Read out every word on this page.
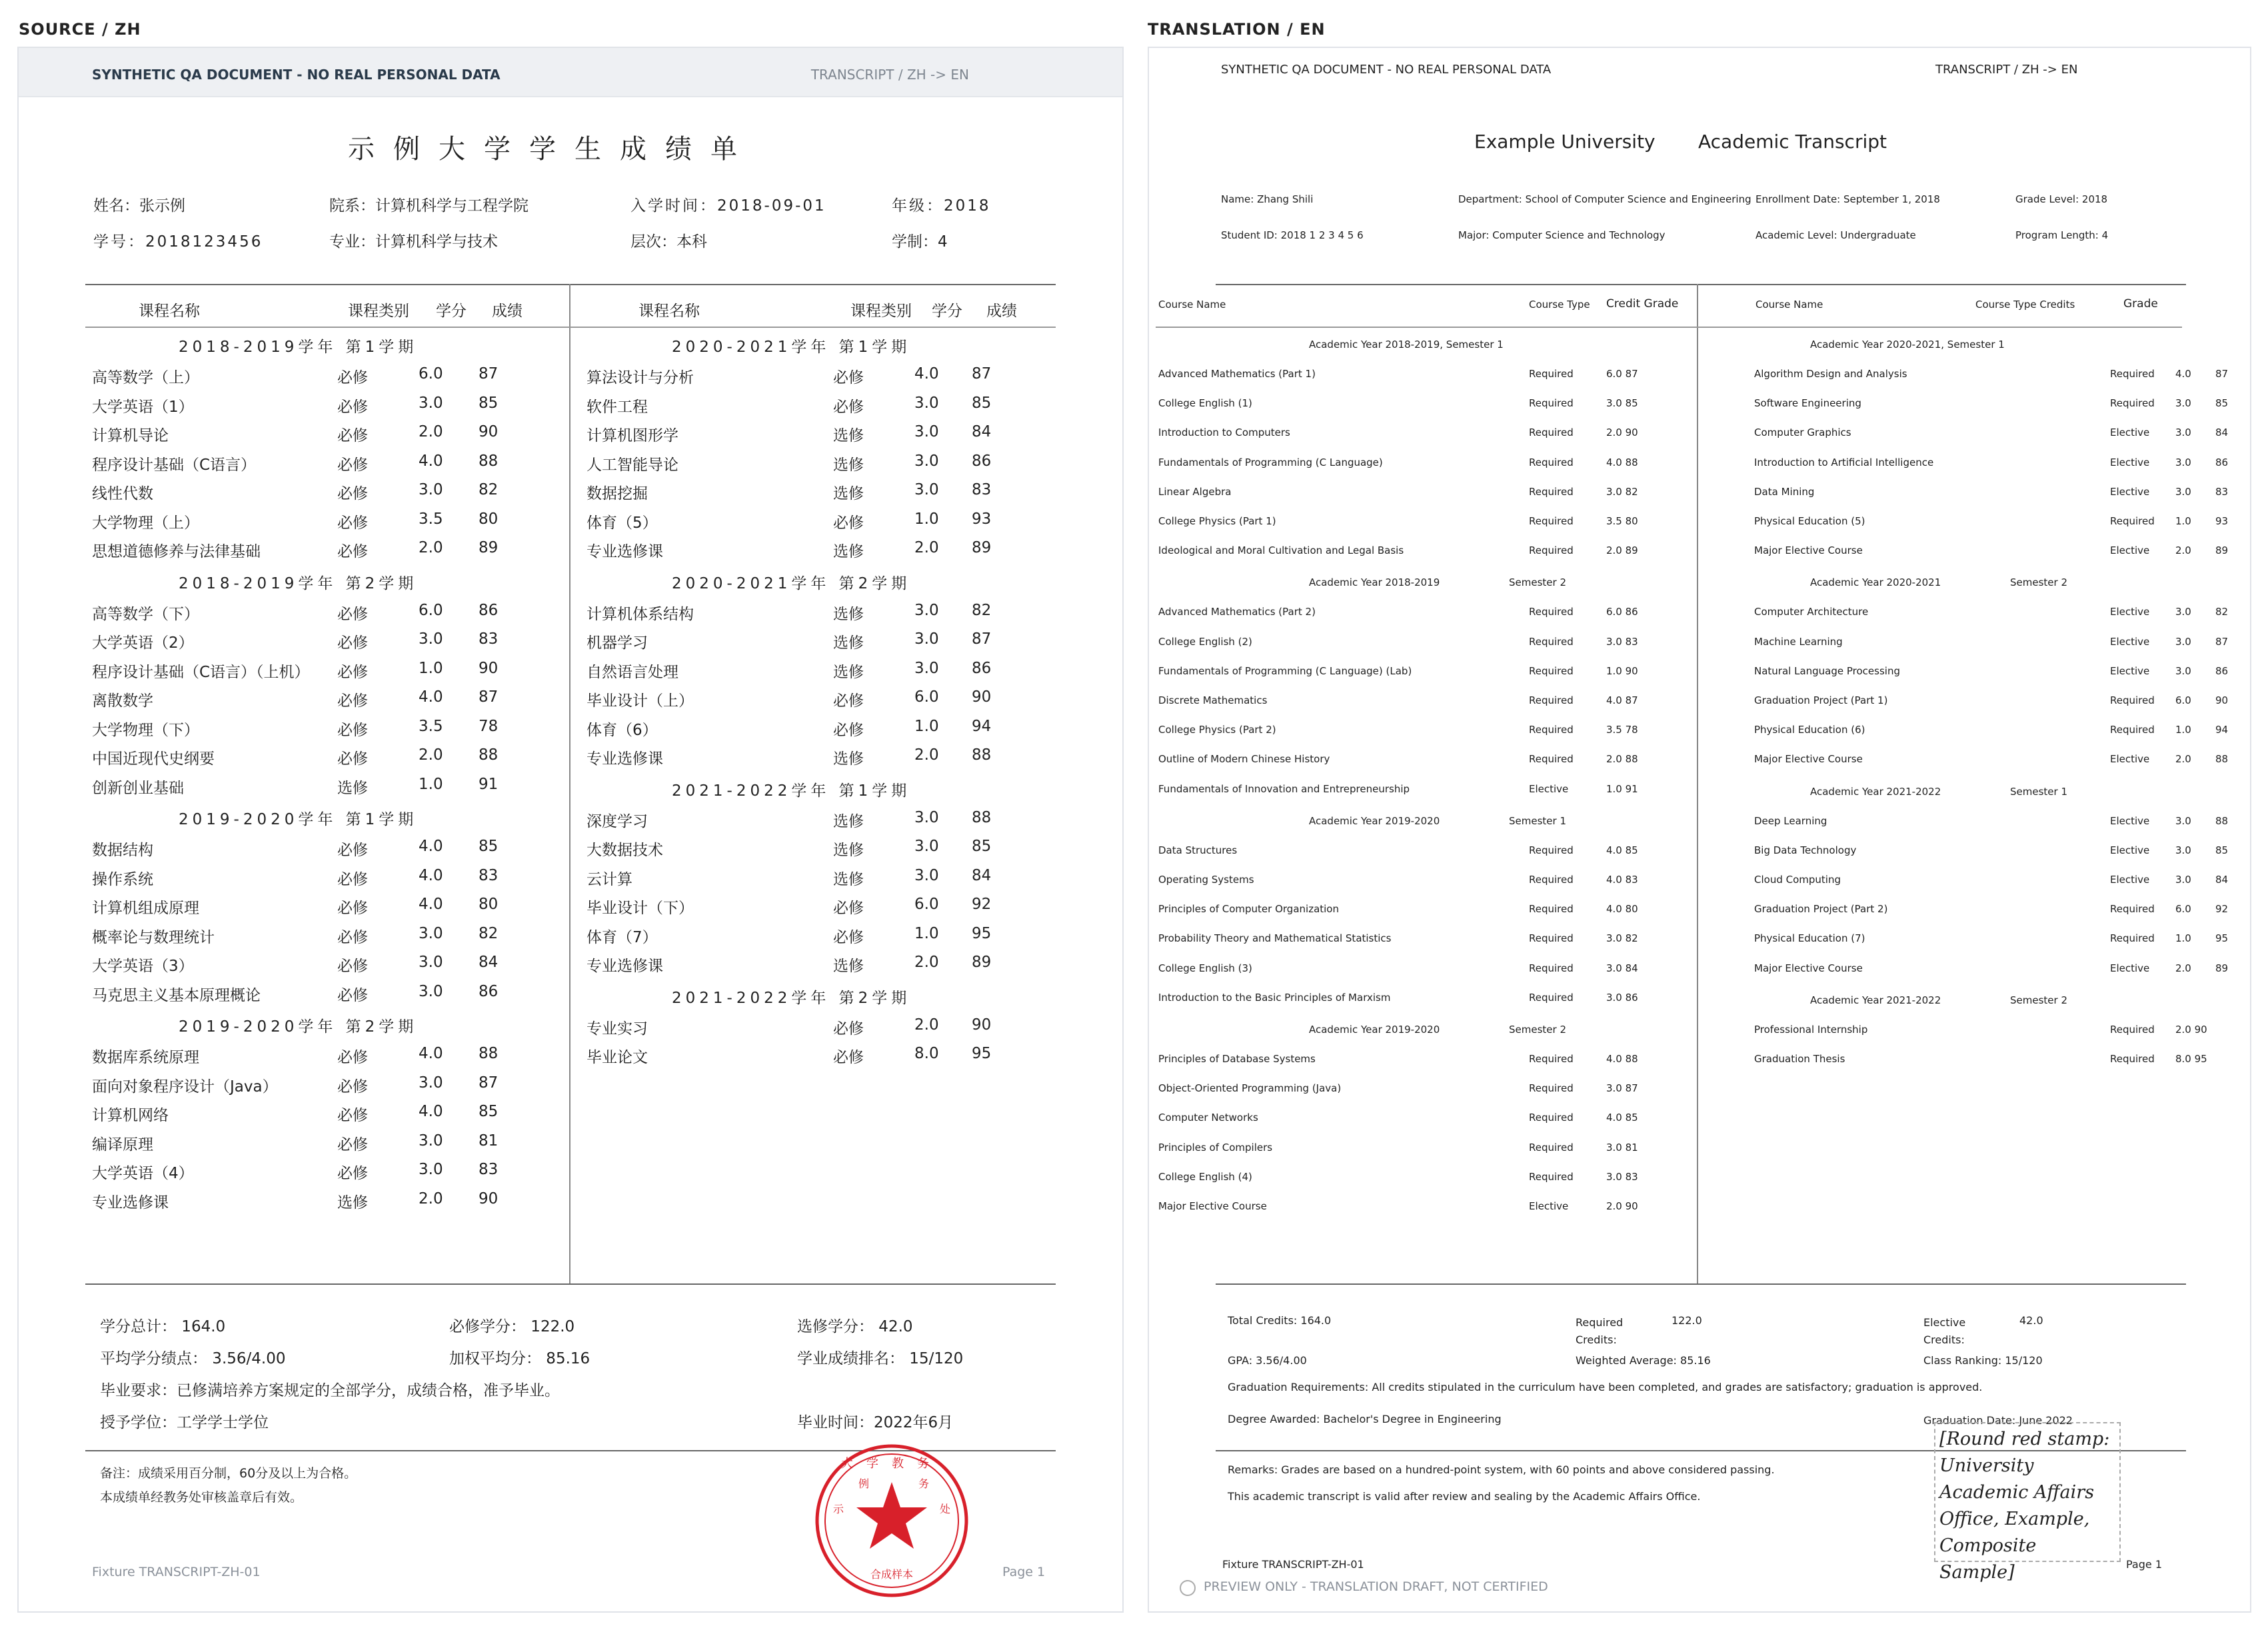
SOURCE / ZH	TRANSLATION / EN
SYNTHETIC QA DOCUMENT - NO REAL PERSONAL DATA	TRANSCRIPT / ZH -> EN
示例大学学生成绩单
姓名：张示例	院系：计算机科学与工程学院	入学时间：2018-09-01	年级：2018
学号：2018123456	专业：计算机科学与技术	层次：本科	学制：4
课程名称	课程类别 学分 成绩	课程名称	课程类别 学分 成绩
2018-2019学年 第1学期
高等数学（上）	必修	6.0 87
大学英语（1）	必修	3.0 85
计算机导论	必修	2.0 90
程序设计基础（C语言）	必修	4.0 88
线性代数	必修	3.0 82
大学物理（上）	必修	3.5 80
思想道德修养与法律基础	必修	2.0 89
2018-2019学年 第2学期
高等数学（下）	必修	6.0 86
大学英语（2）	必修	3.0 83
程序设计基础（C语言）（上机） 必修	1.0 90
离散数学	必修	4.0 87
大学物理（下）	必修	3.5 78
中国近现代史纲要	必修	2.0 88
创新创业基础	选修	1.0 91
2019-2020学年 第1学期
数据结构	必修	4.0 85
操作系统	必修	4.0 83
计算机组成原理	必修	4.0 80
概率论与数理统计	必修	3.0 82
大学英语（3）	必修	3.0 84
马克思主义基本原理概论	必修	3.0 86
2019-2020学年 第2学期
数据库系统原理	必修	4.0 88
面向对象程序设计（Java）	必修	3.0 87
计算机网络	必修	4.0 85
编译原理	必修	3.0 81
大学英语（4）	必修	3.0 83
专业选修课	选修	2.0 90
2020-2021学年 第1学期
算法设计与分析	必修	4.0 87
软件工程	必修	3.0 85
计算机图形学	选修	3.0 84
人工智能导论	选修	3.0 86
数据挖掘	选修	3.0 83
体育（5）	必修	1.0 93
专业选修课	选修	2.0 89
2020-2021学年 第2学期
计算机体系结构	选修	3.0 82
机器学习	选修	3.0 87
自然语言处理	选修	3.0 86
毕业设计（上）	必修	6.0 90
体育（6）	必修	1.0 94
专业选修课	选修	2.0 88
2021-2022学年 第1学期
深度学习	选修	3.0 88
大数据技术	选修	3.0 85
云计算	选修	3.0 84
毕业设计（下）	必修	6.0 92
体育（7）	必修	1.0 95
专业选修课	选修	2.0 89
2021-2022学年 第2学期
专业实习	必修	2.0 90
毕业论文	必修	8.0 95
学分总计： 164.0	必修学分： 122.0	选修学分： 42.0
平均学分绩点： 3.56/4.00	加权平均分： 85.16	学业成绩排名： 15/120
毕业要求：已修满培养方案规定的全部学分，成绩合格，准予毕业。
授予学位：工学学士学位	毕业时间：2022年6月
备注：成绩采用百分制，60分及以上为合格。
本成绩单经教务处审核盖章后有效。
大学教务
例	务
示	处
合成样本
Fixture TRANSCRIPT-ZH-01	Page 1
SYNTHETIC QA DOCUMENT - NO REAL PERSONAL DATA	TRANSCRIPT / ZH -> EN
Example University Academic Transcript
Name: Zhang Shili	Department: School of Computer Science and Engineering Enrollment Date: September 1, 2018	Grade Level: 2018
Student ID: 2018 1 2 3 4 5 6	Major: Computer Science and Technology	Academic Level: Undergraduate	Program Length: 4
Course Name	Course Type Credit Grade	Course Name	Course Type Credits	Grade
Academic Year 2018-2019, Semester 1
Advanced Mathematics (Part 1)	Required	6.0 87
College English (1)	Required	3.0 85
Introduction to Computers	Required	2.0 90
Fundamentals of Programming (C Language)	Required	4.0 88
Linear Algebra	Required	3.0 82
College Physics (Part 1)	Required	3.5 80
Ideological and Moral Cultivation and Legal Basis	Required	2.0 89
Academic Year 2018-2019	Semester 2
Advanced Mathematics (Part 2)	Required	6.0 86
College English (2)	Required	3.0 83
Fundamentals of Programming (C Language) (Lab)	Required	1.0 90
Discrete Mathematics	Required	4.0 87
College Physics (Part 2)	Required	3.5 78
Outline of Modern Chinese History	Required	2.0 88
Fundamentals of Innovation and Entrepreneurship	Elective	1.0 91
Academic Year 2019-2020	Semester 1
Data Structures	Required	4.0 85
Operating Systems	Required	4.0 83
Principles of Computer Organization	Required	4.0 80
Probability Theory and Mathematical Statistics	Required	3.0 82
College English (3)	Required	3.0 84
Introduction to the Basic Principles of Marxism	Required	3.0 86
Academic Year 2019-2020	Semester 2
Principles of Database Systems	Required	4.0 88
Object-Oriented Programming (Java)	Required	3.0 87
Computer Networks	Required	4.0 85
Principles of Compilers	Required	3.0 81
College English (4)	Required	3.0 83
Major Elective Course	Elective	2.0 90
Academic Year 2020-2021, Semester 1
Algorithm Design and Analysis	Required 4.0 87
Software Engineering	Required 3.0 85
Computer Graphics	Elective	3.0 84
Introduction to Artificial Intelligence	Elective	3.0 86
Data Mining	Elective	3.0 83
Physical Education (5)	Required 1.0 93
Major Elective Course	Elective	2.0 89
Academic Year 2020-2021	Semester 2
Computer Architecture	Elective	3.0 82
Machine Learning	Elective	3.0 87
Natural Language Processing	Elective	3.0 86
Graduation Project (Part 1)	Required 6.0 90
Physical Education (6)	Required 1.0 94
Major Elective Course	Elective	2.0 88
Academic Year 2021-2022	Semester 1
Deep Learning	Elective	3.0 88
Big Data Technology	Elective	3.0 85
Cloud Computing	Elective	3.0 84
Graduation Project (Part 2)	Required 6.0 92
Physical Education (7)	Required 1.0 95
Major Elective Course	Elective	2.0 89
Academic Year 2021-2022	Semester 2
Professional Internship	Required 2.0 90
Graduation Thesis	Required 8.0 95
Total Credits: 164.0	Required Credits:
122.0	Elective Credits:
42.0
GPA: 3.56/4.00	Weighted Average: 85.16	Class Ranking: 15/120
Graduation Requirements: All credits stipulated in the curriculum have been completed, and grades are satisfactory; graduation is approved.
Degree Awarded: Bachelor's Degree in Engineering	Graduation Date: June 2022
Remarks: Grades are based on a hundred-point system, with 60 points and above considered passing.
This academic transcript is valid after review and sealing by the Academic Affairs Office.
Fixture TRANSCRIPT-ZH-01	Page 1
[Round red stamp: University Academic Affairs Office, Example, Composite Sample]
PREVIEW ONLY - TRANSLATION DRAFT, NOT CERTIFIED
